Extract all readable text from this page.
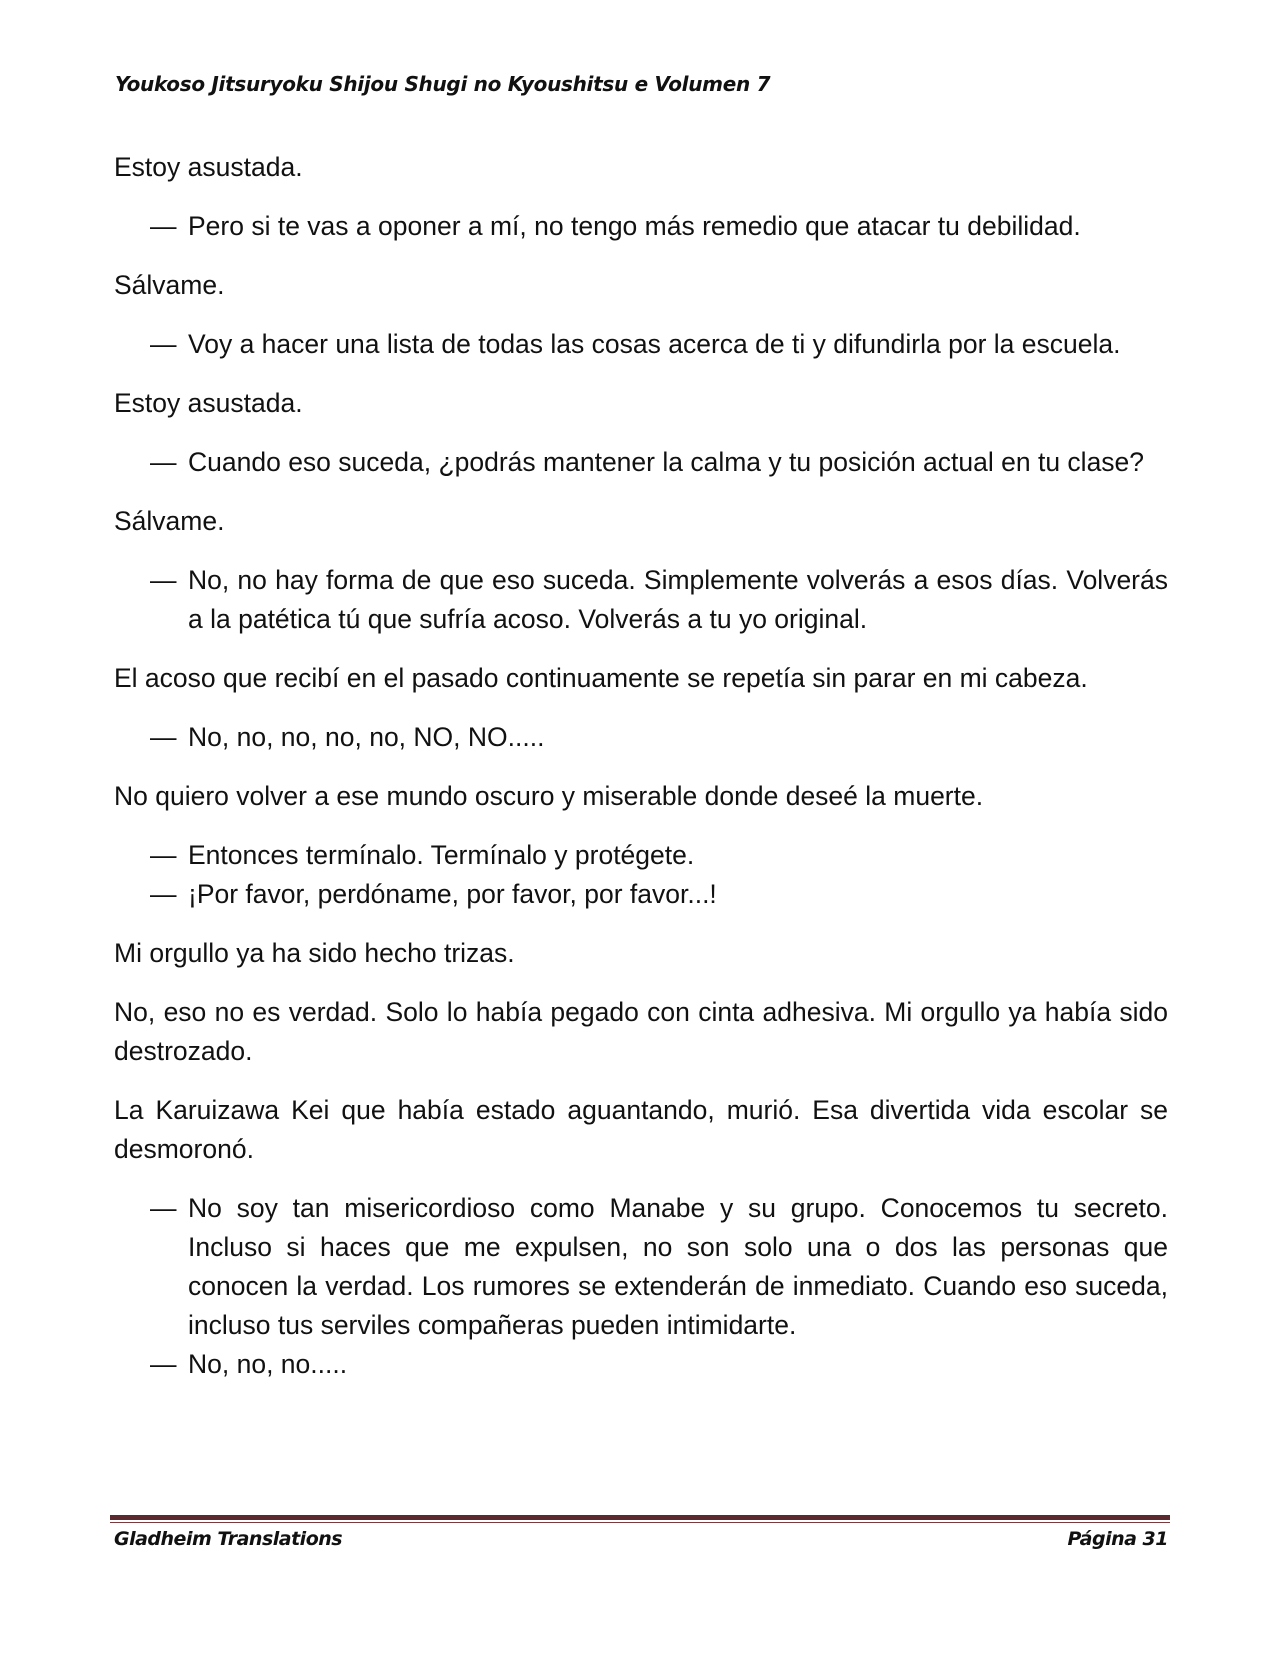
Youkoso Jitsuryoku Shijou Shugi no Kyoushitsu e Volumen 7

Estoy asustada.

— Pero si te vas a oponer a mí, no tengo más remedio que atacar tu debilidad.

Sálvame.

— Voy a hacer una lista de todas las cosas acerca de ti y difundirla por la escuela.

Estoy asustada.

— Cuando eso suceda, ¿podrás mantener la calma y tu posición actual en tu clase?

Sálvame.

— No, no hay forma de que eso suceda. Simplemente volverás a esos días. Volverás a la patética tú que sufría acoso. Volverás a tu yo original.

El acoso que recibí en el pasado continuamente se repetía sin parar en mi cabeza.

— No, no, no, no, no, NO, NO.....

No quiero volver a ese mundo oscuro y miserable donde deseé la muerte.

— Entonces termínalo. Termínalo y protégete.
— ¡Por favor, perdóname, por favor, por favor...!

Mi orgullo ya ha sido hecho trizas.

No, eso no es verdad. Solo lo había pegado con cinta adhesiva. Mi orgullo ya había sido destrozado.

La Karuizawa Kei que había estado aguantando, murió. Esa divertida vida escolar se desmoronó.

— No soy tan misericordioso como Manabe y su grupo. Conocemos tu secreto. Incluso si haces que me expulsen, no son solo una o dos las personas que conocen la verdad. Los rumores se extenderán de inmediato. Cuando eso suceda, incluso tus serviles compañeras pueden intimidarte.
— No, no, no.....
Gladheim Translations	Página 31
